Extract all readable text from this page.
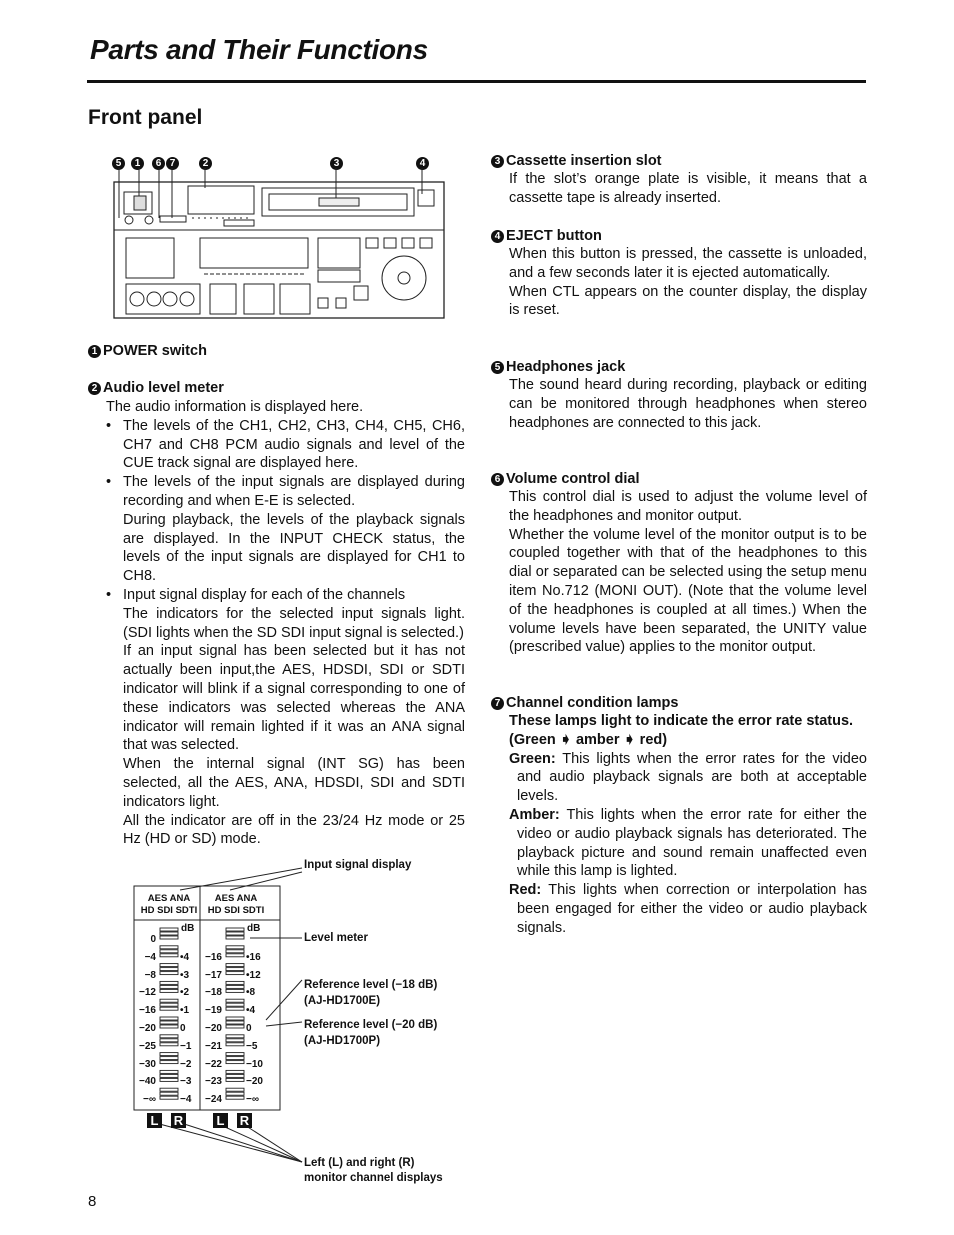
Parts and Their Functions
Front panel
5	1	6 7	2	3	4
1 POWER switch
2 Audio level meter
The audio information is displayed here.
• The levels of the CH1, CH2, CH3, CH4, CH5, CH6, CH7 and CH8 PCM audio signals and level of the CUE track signal are displayed here.
• The levels of the input signals are displayed during recording and when E-E is selected.
During playback, the levels of the playback signals are displayed. In the INPUT CHECK status, the levels of the input signals are displayed for CH1 to CH8.
• Input signal display for each of the channels
The indicators for the selected input signals light. (SDI lights when the SD SDI input signal is selected.)
If an input signal has been selected but it has not actually been input,the AES, HDSDI, SDI or SDTI indicator will blink if a signal corresponding to one of these indicators was selected whereas the ANA indicator will remain lighted if it was an ANA signal that was selected.
When the internal signal (INT SG) has been selected, all the AES, ANA, HDSDI, SDI and SDTI indicators light.
All the indicator are off in the 23/24 Hz mode or 25 Hz (HD or SD) mode.
Input signal display
Level meter
Reference level (−18 dB)
(AJ-HD1700E)
Reference level (−20 dB)
(AJ-HD1700P)
Left (L) and right (R)
monitor channel displays
AES ANA
HD SDI SDTI
AES ANA
HD SDI SDTI
dB	dB
0
−4 •4	−16 •16
−8 •3	−17 •12
−12 •2	−18 •8
−16 •1	−19 •4
−20 0	−20 0
−25 −1	−21 −5
−30 −2	−22 −10
−40 −3	−23 −20
−∞ −4	−24 −∞
L R	L R
8
3 Cassette insertion slot
If the slot’s orange plate is visible, it means that a cassette tape is already inserted.
4 EJECT button
When this button is pressed, the cassette is unloaded, and a few seconds later it is ejected automatically.
When CTL appears on the counter display, the display is reset.
5 Headphones jack
The sound heard during recording, playback or editing can be monitored through headphones when stereo headphones are connected to this jack.
6 Volume control dial
This control dial is used to adjust the volume level of the headphones and monitor output.
Whether the volume level of the monitor output is to be coupled together with that of the headphones to this dial or separated can be selected using the setup menu item No.712 (MONI OUT). (Note that the volume level of the headphones is coupled at all times.) When the volume levels have been separated, the UNITY value (prescribed value) applies to the monitor output.
7 Channel condition lamps
These lamps light to indicate the error rate status.
(Green ➧ amber ➧ red)
Green: This lights when the error rates for the video and audio playback signals are both at acceptable levels.
Amber: This lights when the error rate for either the video or audio playback signals has deteriorated. The playback picture and sound remain unaffected even while this lamp is lighted.
Red: This lights when correction or interpolation has been engaged for either the video or audio playback signals.
